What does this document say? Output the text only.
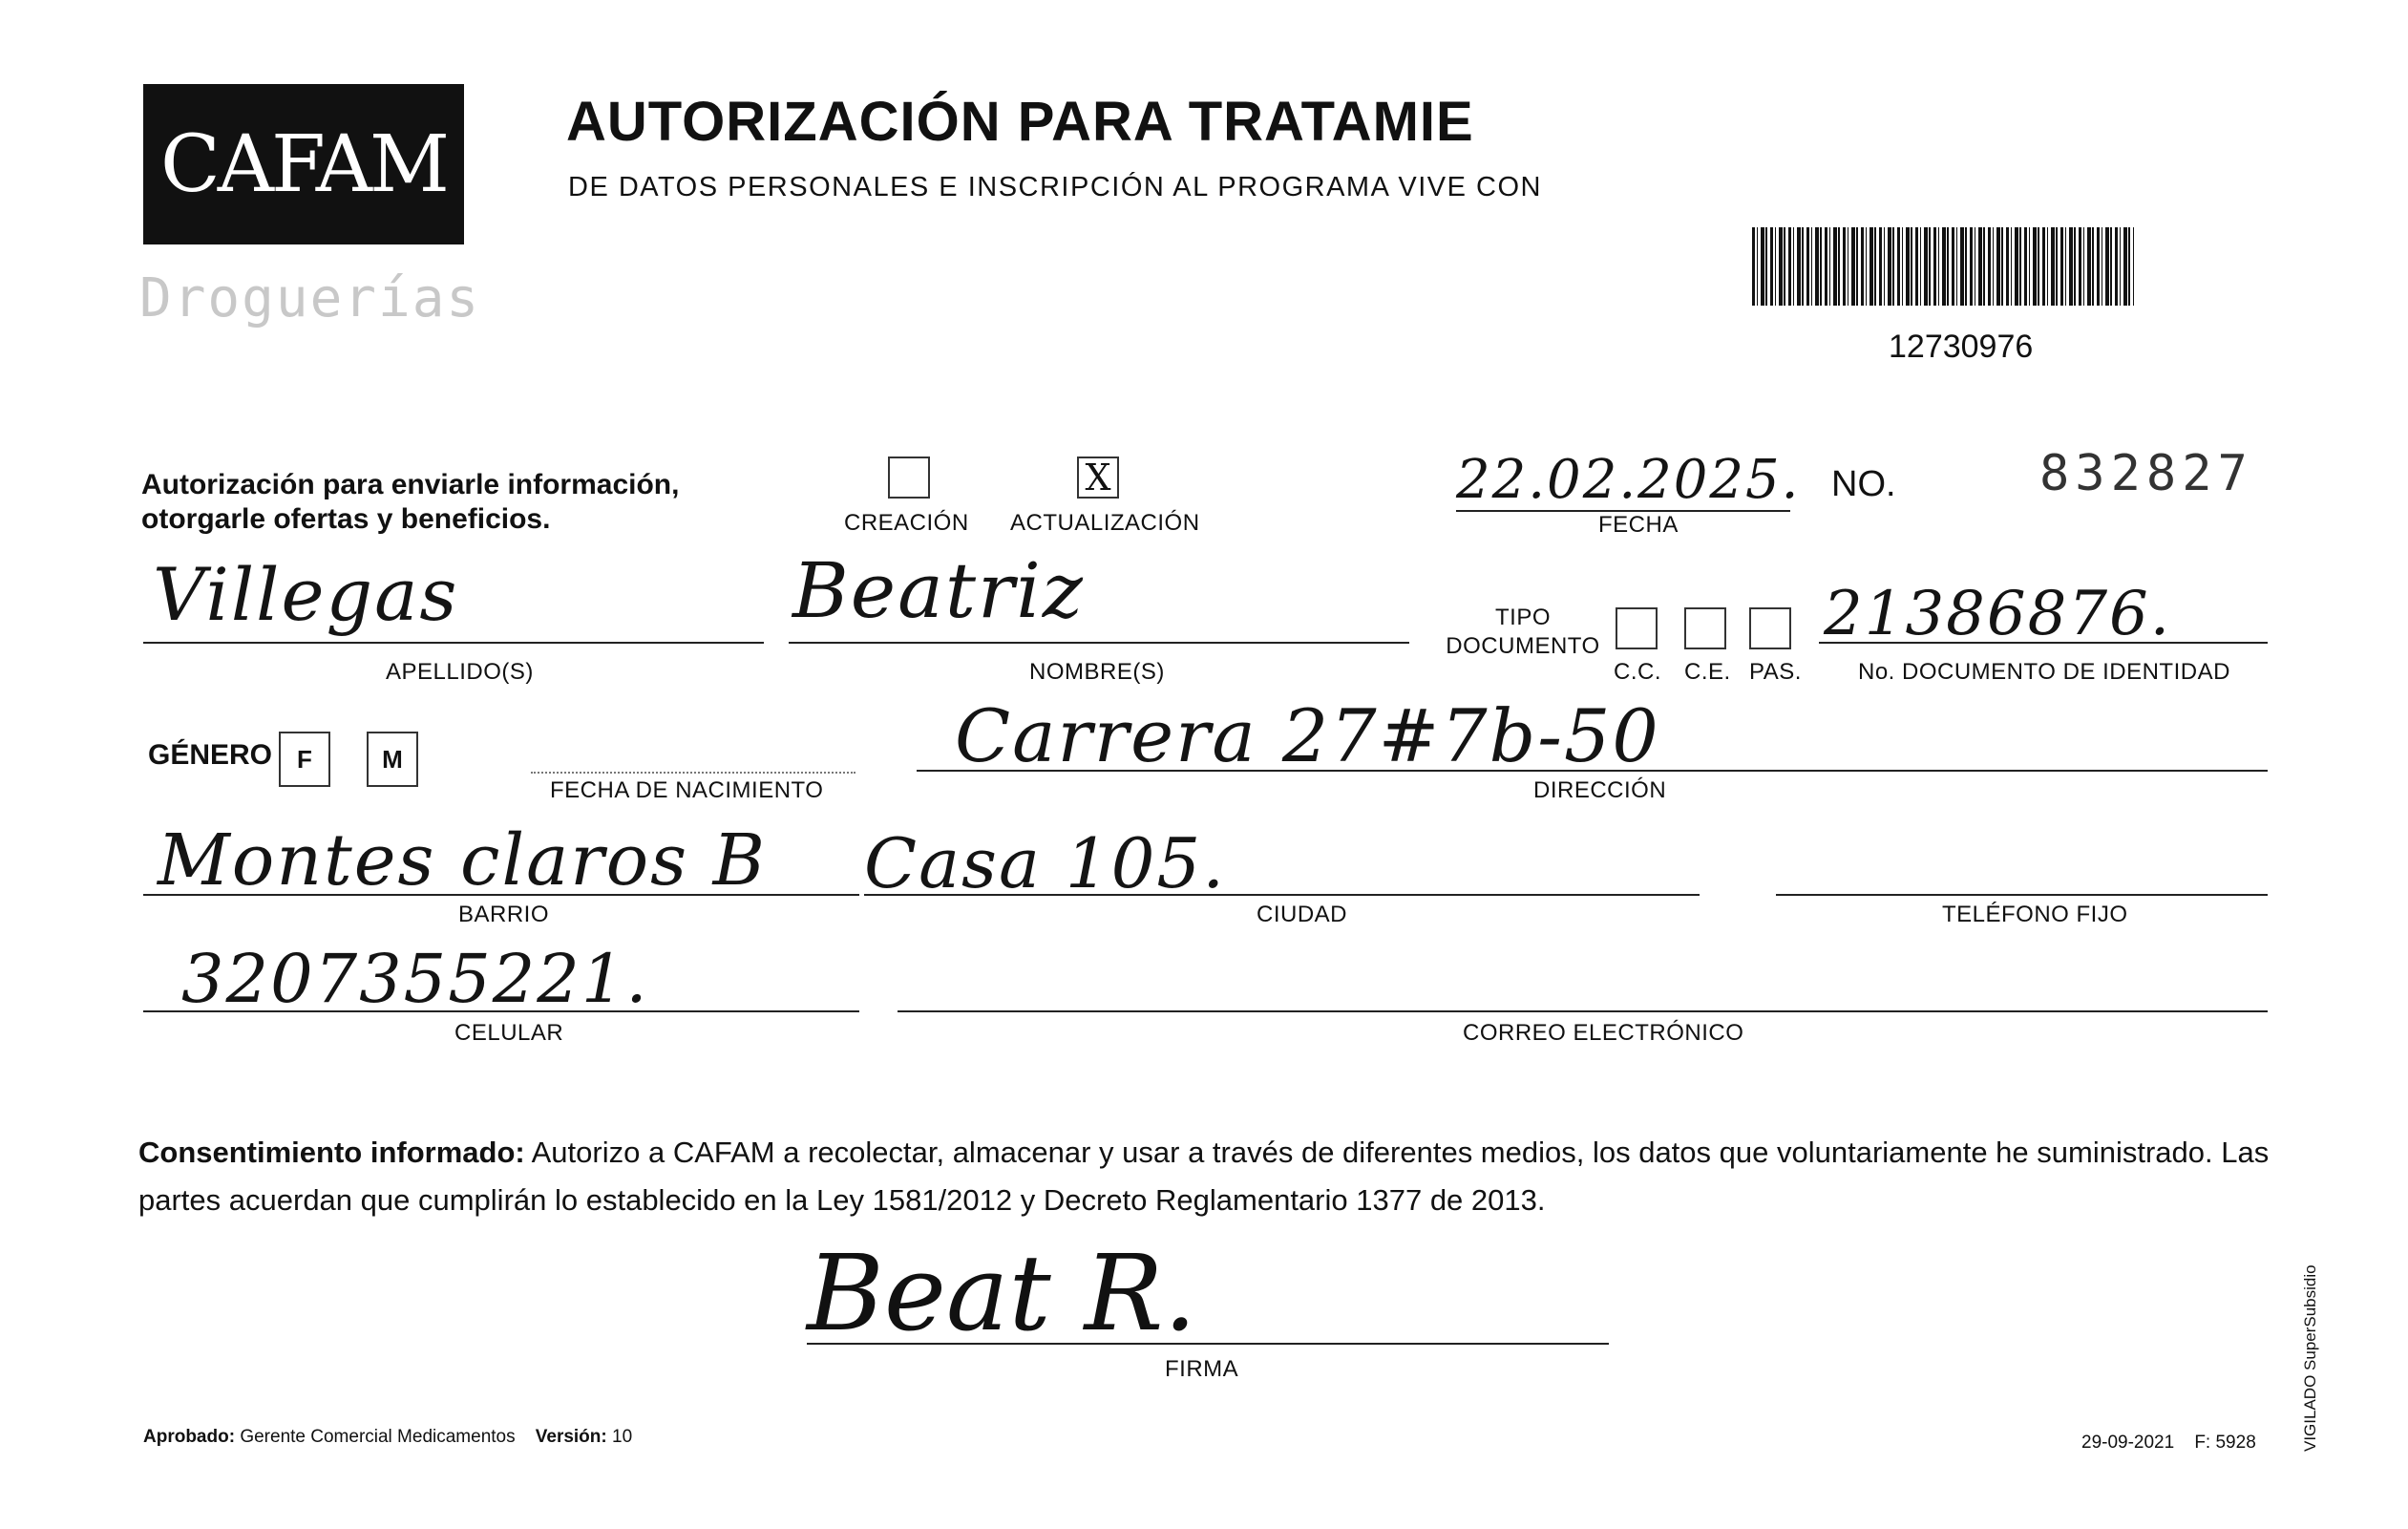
CAFAM
Droguerías
AUTORIZACIÓN PARA TRATAMIE
DE DATOS PERSONALES E INSCRIPCIÓN AL PROGRAMA VIVE CON
12730976
Autorización para enviarle información, otorgarle ofertas y beneficios.	CREACIÓN
X
ACTUALIZACIÓN
22.02.2025.
FECHA
NO.	832827
Villegas
APELLIDO(S)
Beatriz
NOMBRE(S)
TIPO DOCUMENTO
C.C. C.E. PAS.
21386876.
No. DOCUMENTO DE IDENTIDAD
GÉNERO	F	M
FECHA DE NACIMIENTO
Carrera 27#7b-50
DIRECCIÓN
Montes claros B
BARRIO
Casa 105.
CIUDAD	TELÉFONO FIJO
3207355221.
CELULAR	CORREO ELECTRÓNICO
Consentimiento informado: Autorizo a CAFAM a recolectar, almacenar y usar a través de diferentes medios, los datos que voluntariamente he suministrado. Las partes acuerdan que cumplirán lo establecido en la Ley 1581/2012 y Decreto Reglamentario 1377 de 2013.
Beat R.
FIRMA
Aprobado: Gerente Comercial Medicamentos Versión: 10	29-09-2021 F: 5928	VIGILADO SuperSubsidio
